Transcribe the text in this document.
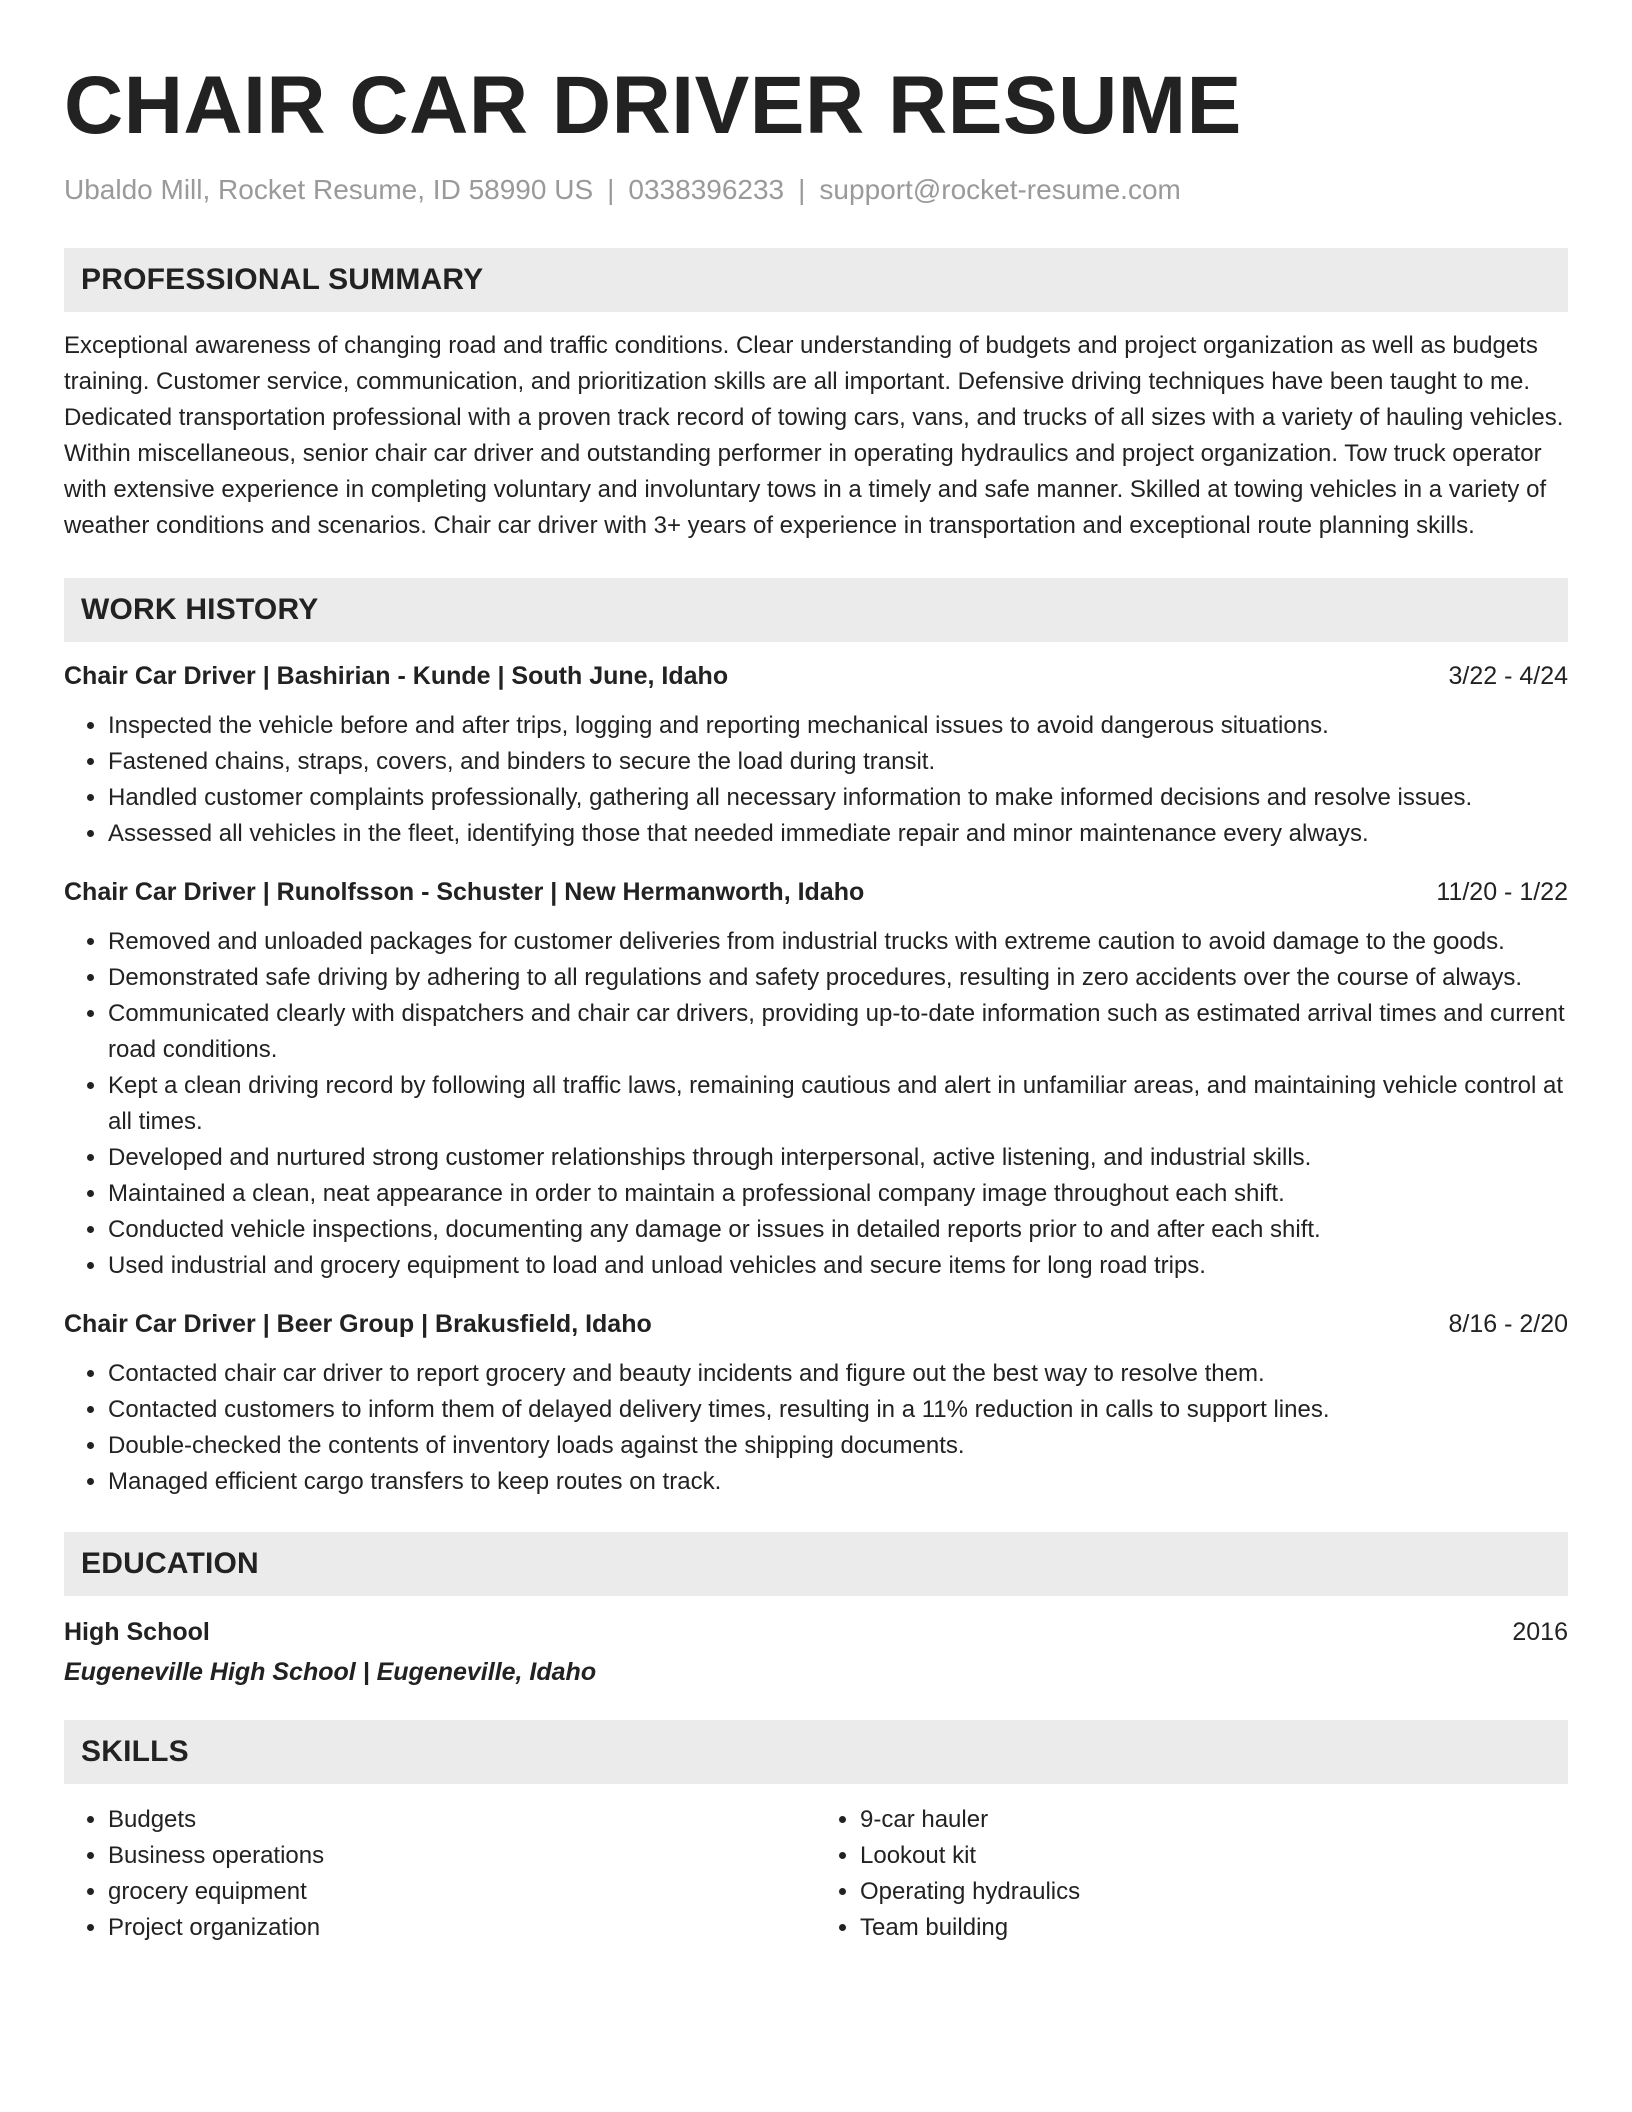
CHAIR CAR DRIVER RESUME
Ubaldo Mill, Rocket Resume, ID 58990 US | 0338396233 | support@rocket-resume.com
PROFESSIONAL SUMMARY
Exceptional awareness of changing road and traffic conditions. Clear understanding of budgets and project organization as well as budgets training. Customer service, communication, and prioritization skills are all important. Defensive driving techniques have been taught to me. Dedicated transportation professional with a proven track record of towing cars, vans, and trucks of all sizes with a variety of hauling vehicles. Within miscellaneous, senior chair car driver and outstanding performer in operating hydraulics and project organization. Tow truck operator with extensive experience in completing voluntary and involuntary tows in a timely and safe manner. Skilled at towing vehicles in a variety of weather conditions and scenarios. Chair car driver with 3+ years of experience in transportation and exceptional route planning skills.
WORK HISTORY
Chair Car Driver | Bashirian - Kunde | South June, Idaho	3/22 - 4/24
• Inspected the vehicle before and after trips, logging and reporting mechanical issues to avoid dangerous situations.
• Fastened chains, straps, covers, and binders to secure the load during transit.
• Handled customer complaints professionally, gathering all necessary information to make informed decisions and resolve issues.
• Assessed all vehicles in the fleet, identifying those that needed immediate repair and minor maintenance every always.
Chair Car Driver | Runolfsson - Schuster | New Hermanworth, Idaho	11/20 - 1/22
• Removed and unloaded packages for customer deliveries from industrial trucks with extreme caution to avoid damage to the goods.
• Demonstrated safe driving by adhering to all regulations and safety procedures, resulting in zero accidents over the course of always.
• Communicated clearly with dispatchers and chair car drivers, providing up-to-date information such as estimated arrival times and current road conditions.
• Kept a clean driving record by following all traffic laws, remaining cautious and alert in unfamiliar areas, and maintaining vehicle control at all times.
• Developed and nurtured strong customer relationships through interpersonal, active listening, and industrial skills.
• Maintained a clean, neat appearance in order to maintain a professional company image throughout each shift.
• Conducted vehicle inspections, documenting any damage or issues in detailed reports prior to and after each shift.
• Used industrial and grocery equipment to load and unload vehicles and secure items for long road trips.
Chair Car Driver | Beer Group | Brakusfield, Idaho	8/16 - 2/20
• Contacted chair car driver to report grocery and beauty incidents and figure out the best way to resolve them.
• Contacted customers to inform them of delayed delivery times, resulting in a 11% reduction in calls to support lines.
• Double-checked the contents of inventory loads against the shipping documents.
• Managed efficient cargo transfers to keep routes on track.
EDUCATION
High School	2016
Eugeneville High School | Eugeneville, Idaho
SKILLS
• Budgets
• Business operations
• grocery equipment
• Project organization
• 9-car hauler
• Lookout kit
• Operating hydraulics
• Team building
